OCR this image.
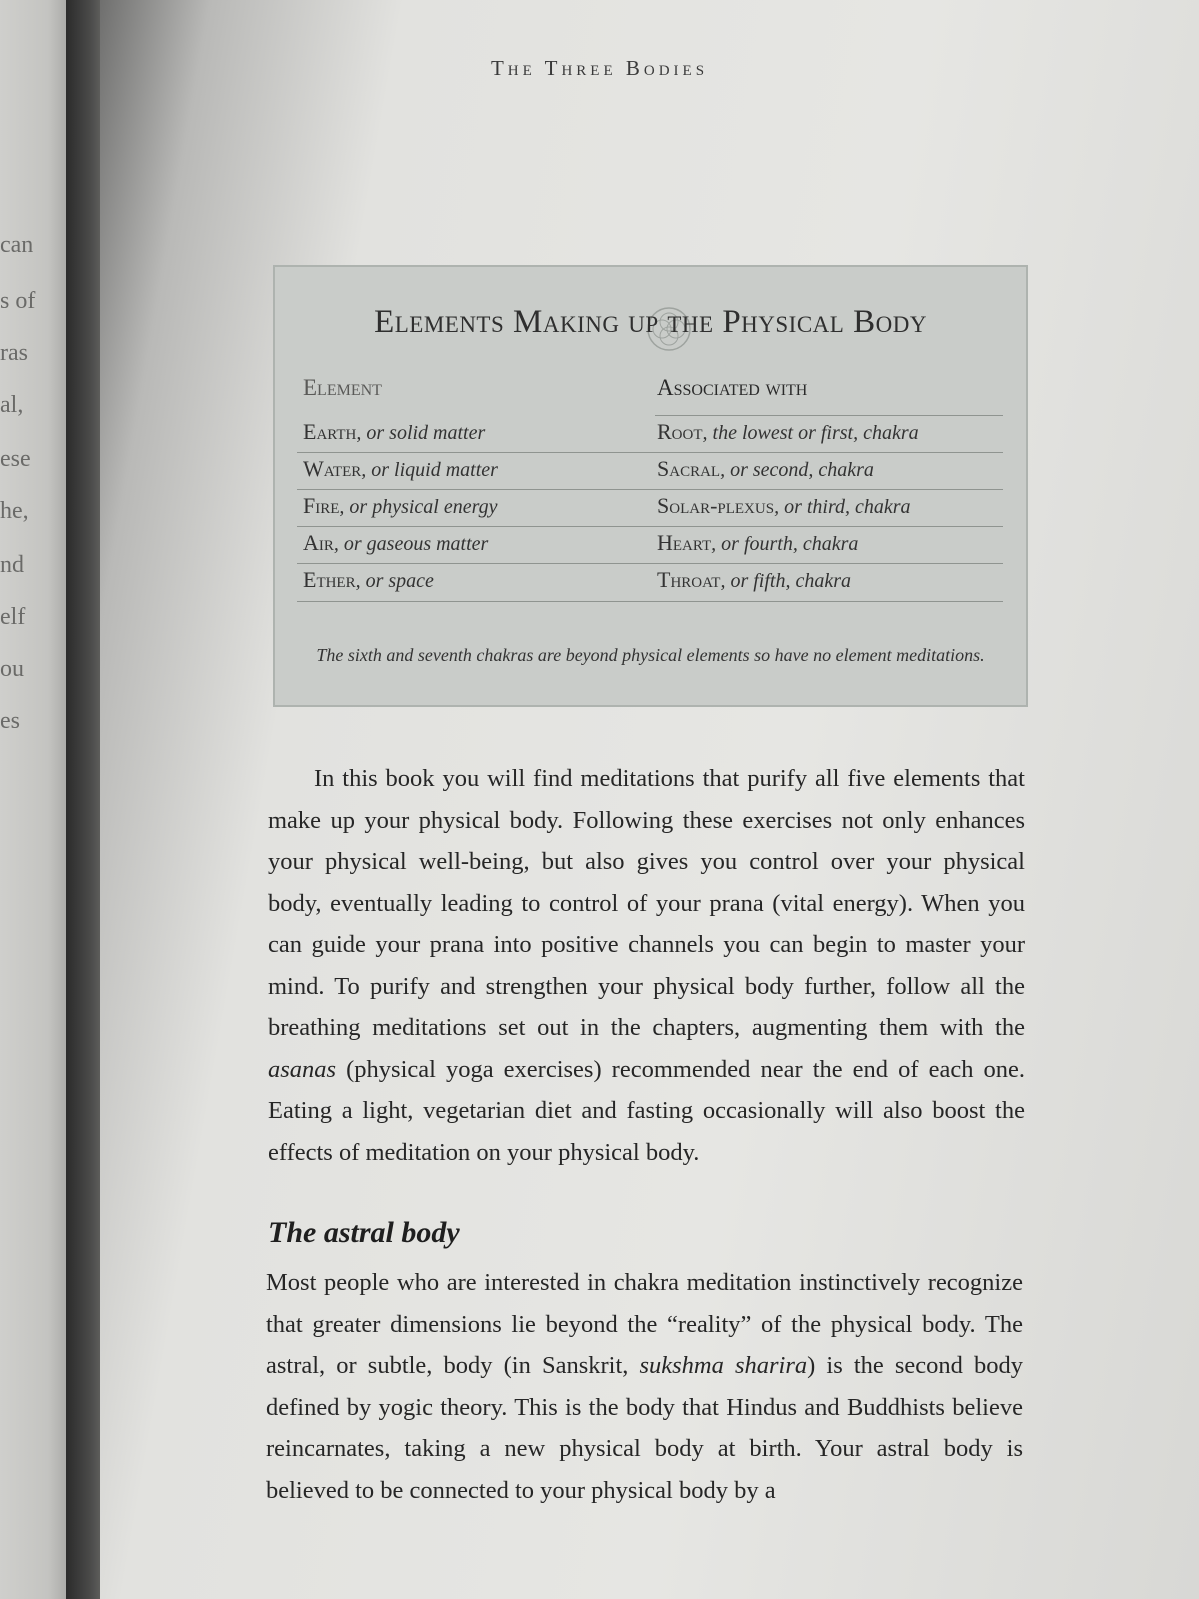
can
s of
ras
al,
ese
he,
nd
elf
ou
es
The Three Bodies
Elements Making up the Physical Body
Element	Associated with
Earth, or solid matter	Root, the lowest or first, chakra
Water, or liquid matter	Sacral, or second, chakra
Fire, or physical energy	Solar-plexus, or third, chakra
Air, or gaseous matter	Heart, or fourth, chakra
Ether, or space	Throat, or fifth, chakra
The sixth and seventh chakras are beyond physical elements so have no element meditations.

In this book you will find meditations that purify all five elements that make up your physical body. Following these exercises not only enhances your physical well-being, but also gives you control over your physical body, eventually leading to control of your prana (vital energy). When you can guide your prana into positive channels you can begin to master your mind. To purify and strengthen your physical body further, follow all the breathing meditations set out in the chapters, augmenting them with the asanas (physical yoga exercises) recommended near the end of each one. Eating a light, vegetarian diet and fasting occasionally will also boost the effects of meditation on your physical body.

The astral body

Most people who are interested in chakra meditation instinctively recognize that greater dimensions lie beyond the “reality” of the physical body. The astral, or subtle, body (in Sanskrit, sukshma sharira) is the second body defined by yogic theory. This is the body that Hindus and Buddhists believe reincarnates, taking a new physical body at birth. Your astral body is believed to be connected to your physical body by a
